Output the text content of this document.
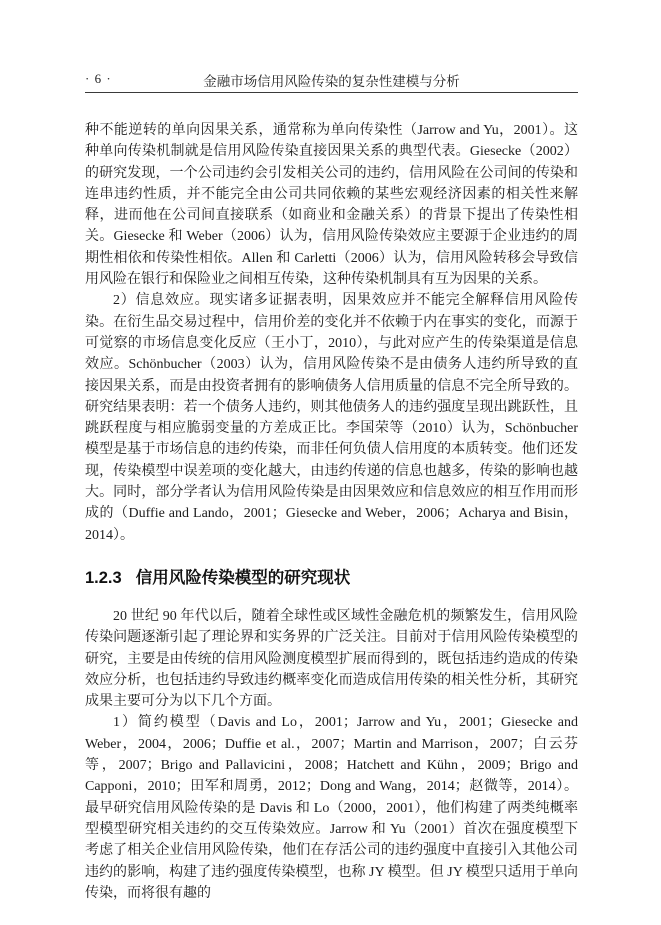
· 6 ·	金融市场信用风险传染的复杂性建模与分析

种不能逆转的单向因果关系，通常称为单向传染性（Jarrow and Yu，2001）。这种单向传染机制就是信用风险传染直接因果关系的典型代表。Giesecke（2002）的研究发现，一个公司违约会引发相关公司的违约，信用风险在公司间的传染和连串违约性质，并不能完全由公司共同依赖的某些宏观经济因素的相关性来解释，进而他在公司间直接联系（如商业和金融关系）的背景下提出了传染性相关。Giesecke 和 Weber（2006）认为，信用风险传染效应主要源于企业违约的周期性相依和传染性相依。Allen 和 Carletti（2006）认为，信用风险转移会导致信用风险在银行和保险业之间相互传染，这种传染机制具有互为因果的关系。

2）信息效应。现实诸多证据表明，因果效应并不能完全解释信用风险传染。在衍生品交易过程中，信用价差的变化并不依赖于内在事实的变化，而源于可觉察的市场信息变化反应（王小丁，2010），与此对应产生的传染渠道是信息效应。Schönbucher（2003）认为，信用风险传染不是由债务人违约所导致的直接因果关系，而是由投资者拥有的影响债务人信用质量的信息不完全所导致的。研究结果表明：若一个债务人违约，则其他债务人的违约强度呈现出跳跃性，且跳跃程度与相应脆弱变量的方差成正比。李国荣等（2010）认为，Schönbucher 模型是基于市场信息的违约传染，而非任何负债人信用度的本质转变。他们还发现，传染模型中误差项的变化越大，由违约传递的信息也越多，传染的影响也越大。同时，部分学者认为信用风险传染是由因果效应和信息效应的相互作用而形成的（Duffie and Lando，2001；Giesecke and Weber，2006；Acharya and Bisin，2014）。

1.2.3 信用风险传染模型的研究现状

20 世纪 90 年代以后，随着全球性或区域性金融危机的频繁发生，信用风险传染问题逐渐引起了理论界和实务界的广泛关注。目前对于信用风险传染模型的研究，主要是由传统的信用风险测度模型扩展而得到的，既包括违约造成的传染效应分析，也包括违约导致违约概率变化而造成信用传染的相关性分析，其研究成果主要可分为以下几个方面。

1）简约模型（Davis and Lo，2001；Jarrow and Yu，2001；Giesecke and Weber，2004，2006；Duffie et al.，2007；Martin and Marrison，2007；白云芬等，2007；Brigo and Pallavicini，2008；Hatchett and Kühn，2009；Brigo and Capponi，2010；田军和周勇，2012；Dong and Wang，2014；赵微等，2014）。最早研究信用风险传染的是 Davis 和 Lo（2000，2001），他们构建了两类纯概率型模型研究相关违约的交互传染效应。Jarrow 和 Yu（2001）首次在强度模型下考虑了相关企业信用风险传染，他们在存活公司的违约强度中直接引入其他公司违约的影响，构建了违约强度传染模型，也称 JY 模型。但 JY 模型只适用于单向传染，而将很有趣的
